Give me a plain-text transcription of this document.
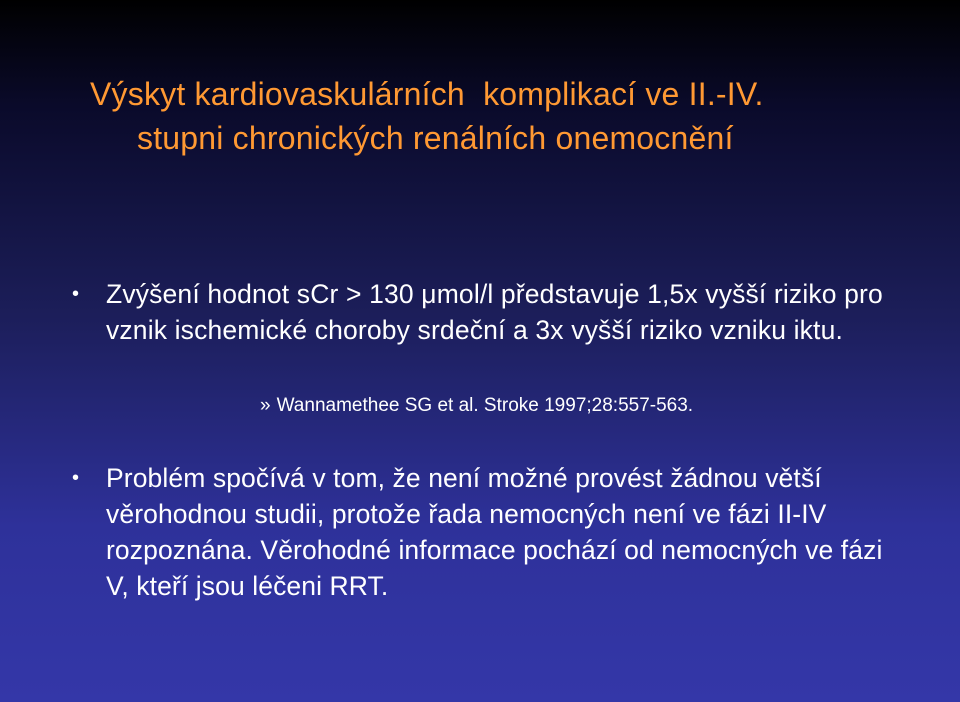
Výskyt kardiovaskulárních  komplikací ve II.-IV.
stupni chronických renálních onemocnění
• Zvýšení hodnot sCr > 130 μmol/l představuje 1,5x vyšší riziko pro vznik ischemické choroby srdeční a 3x vyšší riziko vzniku iktu.
» Wannamethee SG et al. Stroke 1997;28:557-563.
• Problém spočívá v tom, že není možné provést žádnou větší věrohodnou studii, protože řada nemocných není ve fázi II-IV rozpoznána. Věrohodné informace pochází od nemocných ve fázi V, kteří jsou léčeni RRT.
